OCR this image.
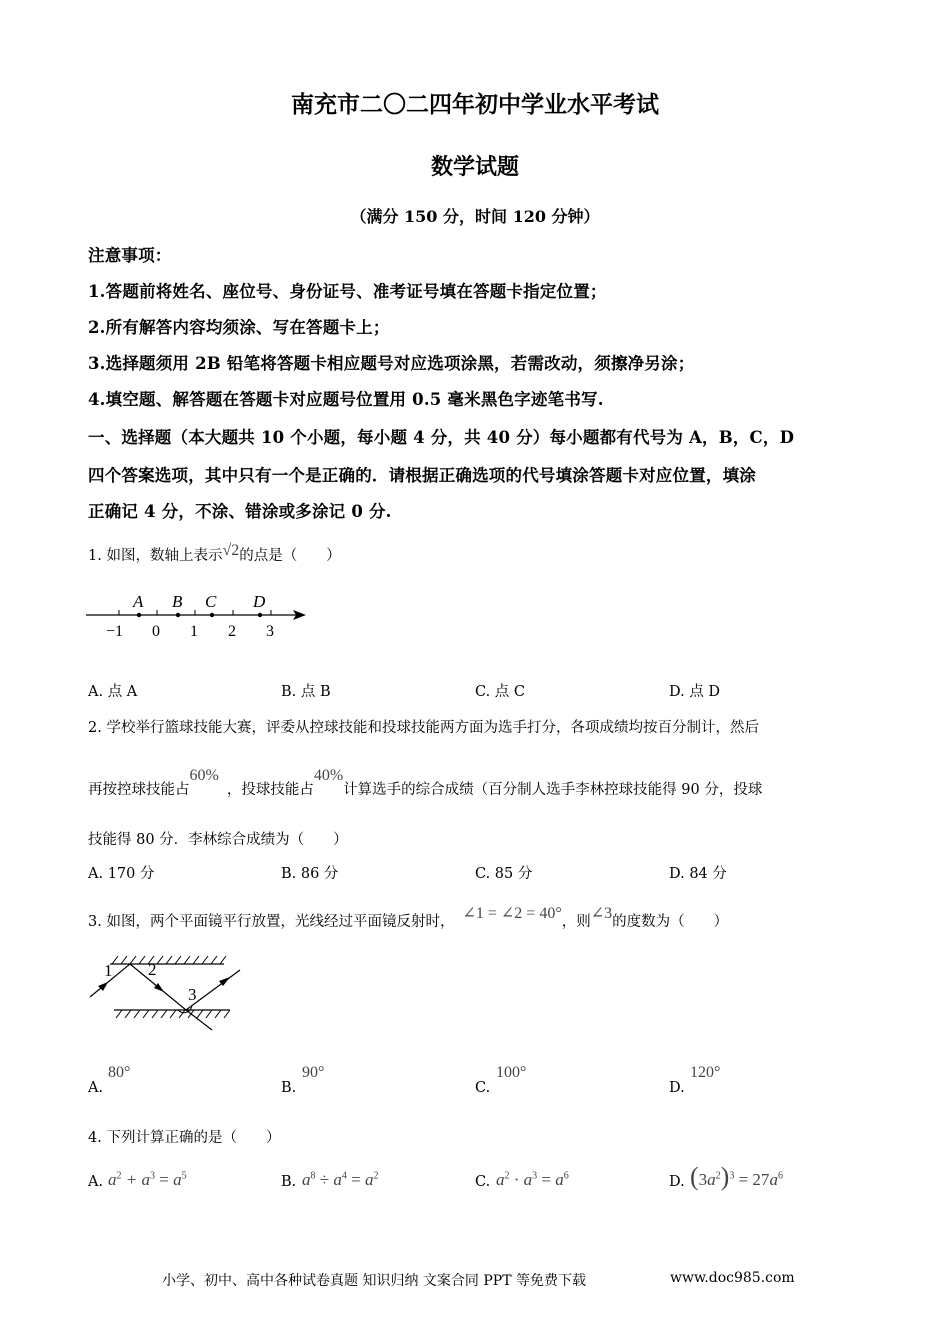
南充市二〇二四年初中学业水平考试
数学试题
（满分 150 分，时间 120 分钟）
注意事项：
1.答题前将姓名、座位号、身份证号、准考证号填在答题卡指定位置；
2.所有解答内容均须涂、写在答题卡上；
3.选择题须用 2B 铅笔将答题卡相应题号对应选项涂黑，若需改动，须擦净另涂；
4.填空题、解答题在答题卡对应题号位置用 0.5 毫米黑色字迹笔书写.
一、选择题（本大题共 10 个小题，每小题 4 分，共 40 分）每小题都有代号为 A，B，C，D
四个答案选项，其中只有一个是正确的．请根据正确选项的代号填涂答题卡对应位置，填涂
正确记 4 分，不涂、错涂或多涂记 0 分.
1. 如图，数轴上表示√2的点是（　　）
A B C D
−1 0 1 2 3
A. 点 A	B. 点 B	C. 点 C	D. 点 D
2. 学校举行篮球技能大赛，评委从控球技能和投球技能两方面为选手打分，各项成绩均按百分制计，然后
再按控球技能占60%，投球技能占40%计算选手的综合成绩（百分制人选手李林控球技能得 90 分，投球
技能得 80 分．李林综合成绩为（　　）
A. 170 分	B. 86 分	C. 85 分	D. 84 分
3. 如图，两个平面镜平行放置，光线经过平面镜反射时， ∠1 = ∠2 = 40°，则∠3的度数为（　　）
1 2
3
A.
80°
B.
90°
C.
100°
D.
120°
4. 下列计算正确的是（　　）
A. $a^2 + a^3 = a^5$	B. $a^8 \div a^4 = a^2$	C. $a^2 \cdot a^3 = a^6$	D. $(3a^2)^3 = 27a^6$
小学、初中、高中各种试卷真题 知识归纳 文案合同 PPT 等免费下载	www.doc985.com
